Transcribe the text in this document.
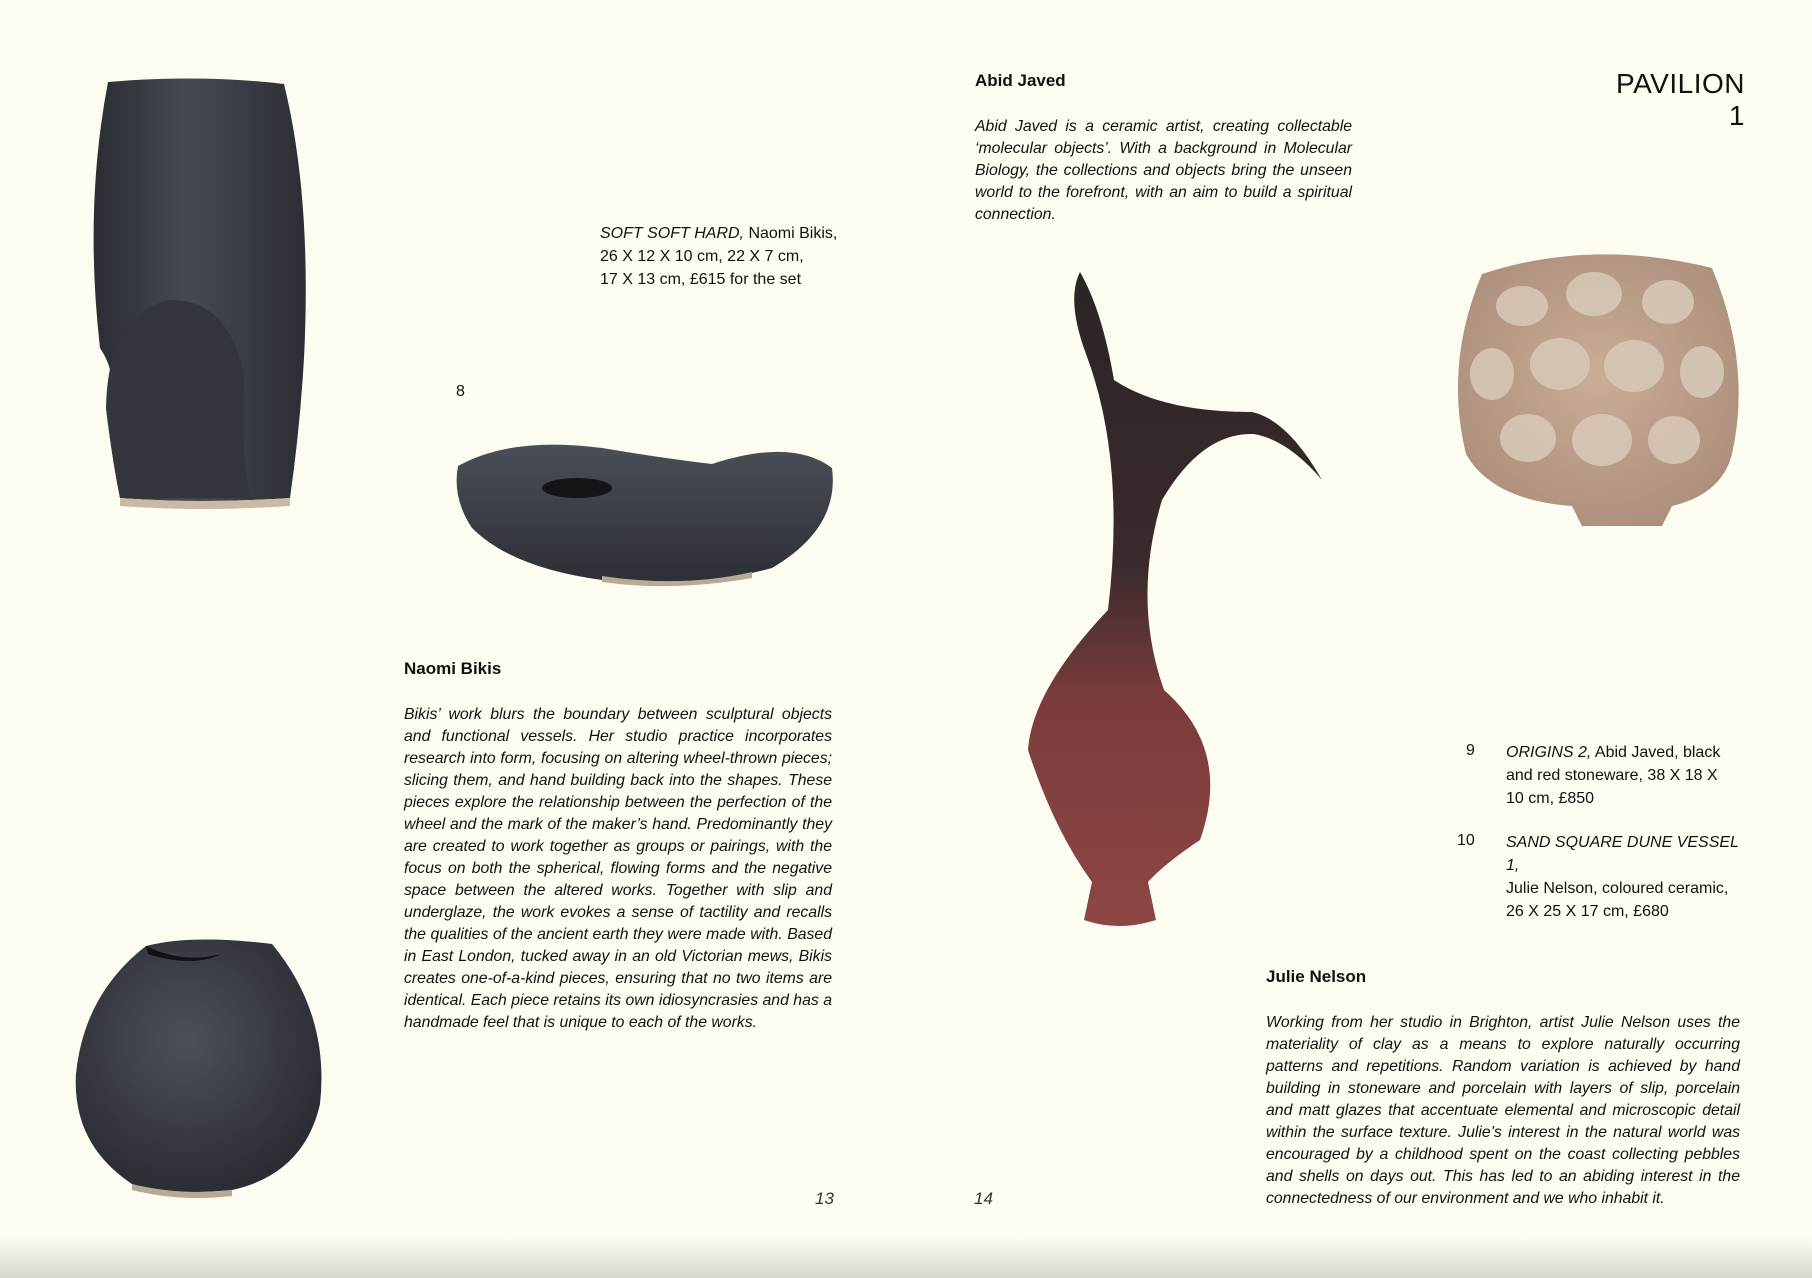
PAVILION 1
SOFT SOFT HARD, Naomi Bikis,
26 X 12 X 10 cm, 22 X 7 cm,
17 X 13 cm, £615 for the set
8
Naomi Bikis
Bikis’ work blurs the boundary between sculptural objects and functional vessels. Her studio practice incorporates research into form, focusing on altering wheel-thrown pieces; slicing them, and hand building back into the shapes. These pieces explore the relationship between the perfection of the wheel and the mark of the maker’s hand. Predominantly they are created to work together as groups or pairings, with the focus on both the spherical, flowing forms and the negative space between the altered works. Together with slip and underglaze, the work evokes a sense of tactility and recalls the qualities of the ancient earth they were made with. Based in East London, tucked away in an old Victorian mews, Bikis creates one-of-a-kind pieces, ensuring that no two items are identical. Each piece retains its own idiosyncrasies and has a handmade feel that is unique to each of the works.
Abid Javed
Abid Javed is a ceramic artist, creating collectable ‘molecular objects’. With a background in Molecular Biology, the collections and objects bring the unseen world to the forefront, with an aim to build a spiritual connection.
9 ORIGINS 2, Abid Javed, black
and red stoneware, 38 X 18 X
10 cm, £850
10 SAND SQUARE DUNE VESSEL 1,
Julie Nelson, coloured ceramic,
26 X 25 X 17 cm, £680
Julie Nelson
Working from her studio in Brighton, artist Julie Nelson uses the materiality of clay as a means to explore naturally occurring patterns and repetitions. Random variation is achieved by hand building in stoneware and porcelain with layers of slip, porcelain and matt glazes that accentuate elemental and microscopic detail within the surface texture. Julie’s interest in the natural world was encouraged by a childhood spent on the coast collecting pebbles and shells on days out. This has led to an abiding interest in the connectedness of our environment and we who inhabit it.
13	14
